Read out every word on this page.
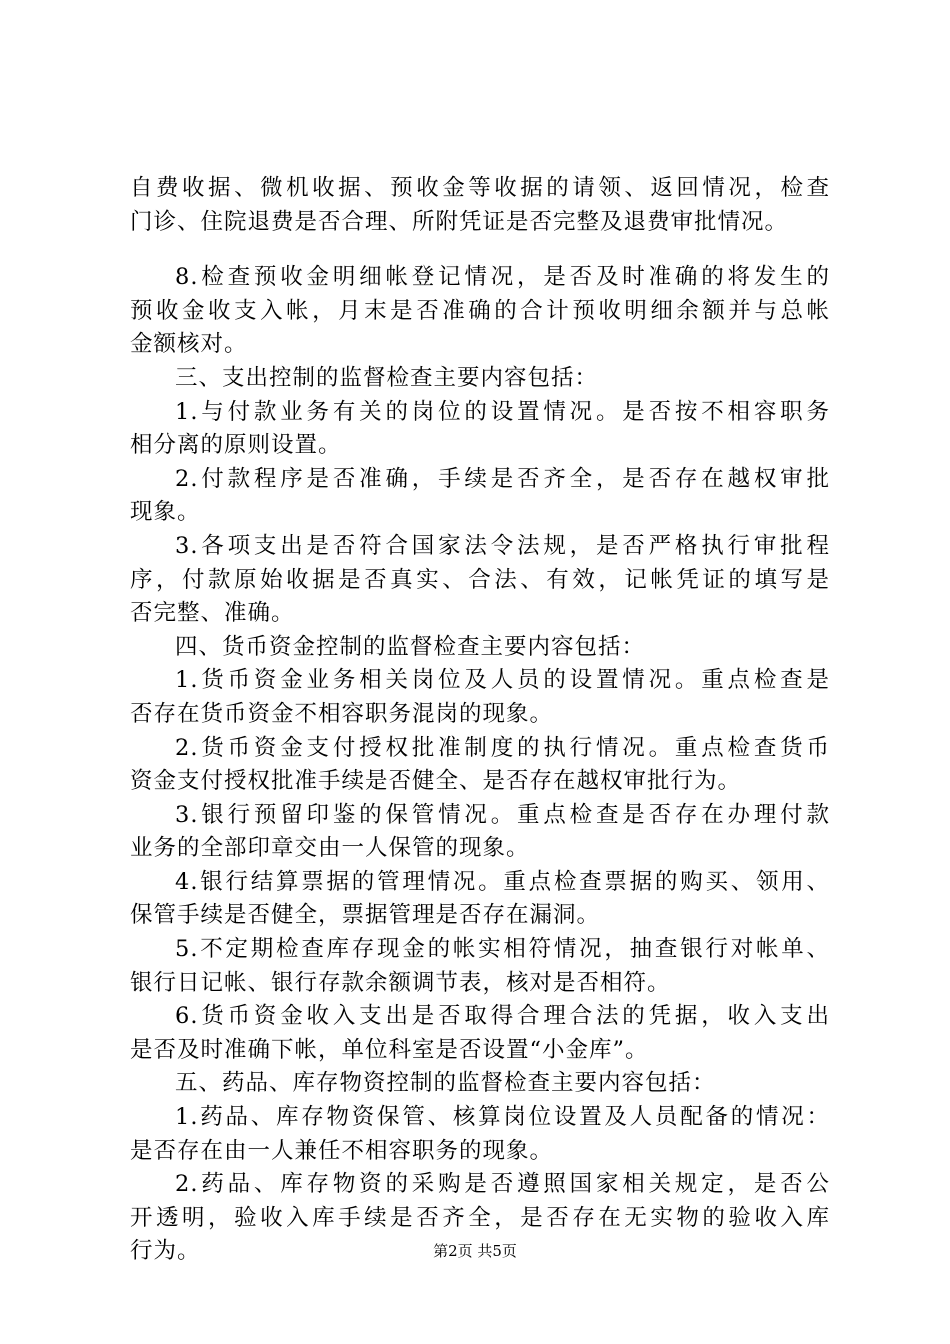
自费收据、微机收据、预收金等收据的请领、返回情况，检查
门诊、住院退费是否合理、所附凭证是否完整及退费审批情况。
8.检查预收金明细帐登记情况，是否及时准确的将发生的
预收金收支入帐，月末是否准确的合计预收明细余额并与总帐
金额核对。
三、支出控制的监督检查主要内容包括：
1.与付款业务有关的岗位的设置情况。是否按不相容职务
相分离的原则设置。
2.付款程序是否准确，手续是否齐全，是否存在越权审批
现象。
3.各项支出是否符合国家法令法规，是否严格执行审批程
序，付款原始收据是否真实、合法、有效，记帐凭证的填写是
否完整、准确。
四、货币资金控制的监督检查主要内容包括：
1.货币资金业务相关岗位及人员的设置情况。重点检查是
否存在货币资金不相容职务混岗的现象。
2.货币资金支付授权批准制度的执行情况。重点检查货币
资金支付授权批准手续是否健全、是否存在越权审批行为。
3.银行预留印鉴的保管情况。重点检查是否存在办理付款
业务的全部印章交由一人保管的现象。
4.银行结算票据的管理情况。重点检查票据的购买、领用、
保管手续是否健全，票据管理是否存在漏洞。
5.不定期检查库存现金的帐实相符情况，抽查银行对帐单、
银行日记帐、银行存款余额调节表，核对是否相符。
6.货币资金收入支出是否取得合理合法的凭据，收入支出
是否及时准确下帐，单位科室是否设置“小金库”。
五、药品、库存物资控制的监督检查主要内容包括：
1.药品、库存物资保管、核算岗位设置及人员配备的情况：
是否存在由一人兼任不相容职务的现象。
2.药品、库存物资的采购是否遵照国家相关规定，是否公
开透明，验收入库手续是否齐全，是否存在无实物的验收入库
行为。	第2页 共5页
